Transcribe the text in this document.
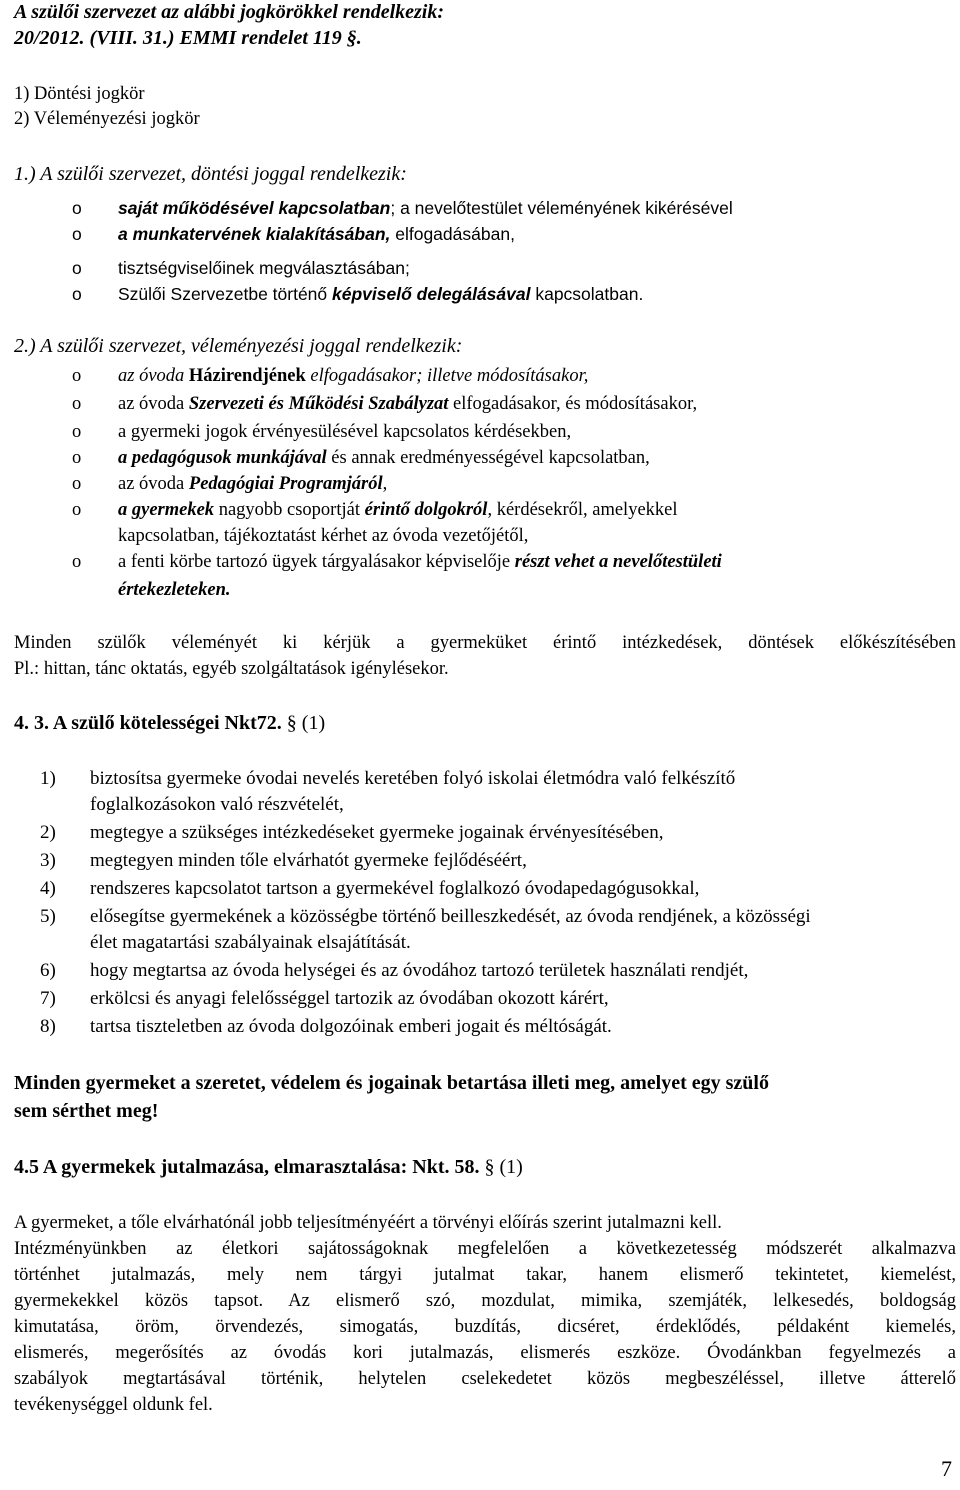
A szülői szervezet az alábbi jogkörökkel rendelkezik:
20/2012. (VIII. 31.) EMMI rendelet 119 §.
1) Döntési jogkör
2) Véleményezési jogkör
1.) A szülői szervezet, döntési joggal rendelkezik:
o saját működésével kapcsolatban; a nevelőtestület véleményének kikérésével
o a munkatervének kialakításában, elfogadásában,
o tisztségviselőinek megválasztásában;
o Szülői Szervezetbe történő képviselő delegálásával kapcsolatban.
2.) A szülői szervezet, véleményezési joggal rendelkezik:
o az óvoda Házirendjének elfogadásakor; illetve módosításakor,
o az óvoda Szervezeti és Működési Szabályzat elfogadásakor, és módosításakor,
o a gyermeki jogok érvényesülésével kapcsolatos kérdésekben,
o a pedagógusok munkájával és annak eredményességével kapcsolatban,
o az óvoda Pedagógiai Programjáról,
o a gyermekek nagyobb csoportját érintő dolgokról, kérdésekről, amelyekkel
kapcsolatban, tájékoztatást kérhet az óvoda vezetőjétől,
o a fenti körbe tartozó ügyek tárgyalásakor képviselője részt vehet a nevelőtestületi
értekezleteken.
Minden szülők véleményét ki kérjük a gyermeküket érintő intézkedések, döntések előkészítésében
Pl.: hittan, tánc oktatás, egyéb szolgáltatások igénylésekor.
4. 3. A szülő kötelességei Nkt72. § (1)
1) biztosítsa gyermeke óvodai nevelés keretében folyó iskolai életmódra való felkészítő
foglalkozásokon való részvételét,
2) megtegye a szükséges intézkedéseket gyermeke jogainak érvényesítésében,
3) megtegyen minden tőle elvárhatót gyermeke fejlődéséért,
4) rendszeres kapcsolatot tartson a gyermekével foglalkozó óvodapedagógusokkal,
5) elősegítse gyermekének a közösségbe történő beilleszkedését, az óvoda rendjének, a közösségi
élet magatartási szabályainak elsajátítását.
6) hogy megtartsa az óvoda helységei és az óvodához tartozó területek használati rendjét,
7) erkölcsi és anyagi felelősséggel tartozik az óvodában okozott kárért,
8) tartsa tiszteletben az óvoda dolgozóinak emberi jogait és méltóságát.
Minden gyermeket a szeretet, védelem és jogainak betartása illeti meg, amelyet egy szülő
sem sérthet meg!
4.5 A gyermekek jutalmazása, elmarasztalása: Nkt. 58. § (1)
A gyermeket, a tőle elvárhatónál jobb teljesítményéért a törvényi előírás szerint jutalmazni kell.
Intézményünkben az életkori sajátosságoknak megfelelően a következetesség módszerét alkalmazva
történhet jutalmazás, mely nem tárgyi jutalmat takar, hanem elismerő tekintetet, kiemelést,
gyermekekkel közös tapsot. Az elismerő szó, mozdulat, mimika, szemjáték, lelkesedés, boldogság
kimutatása, öröm, örvendezés, simogatás, buzdítás, dicséret, érdeklődés, példaként kiemelés,
elismerés, megerősítés az óvodás kori jutalmazás, elismerés eszköze. Óvodánkban fegyelmezés a
szabályok megtartásával történik, helytelen cselekedetet közös megbeszéléssel, illetve átterelő
tevékenységgel oldunk fel.
7
